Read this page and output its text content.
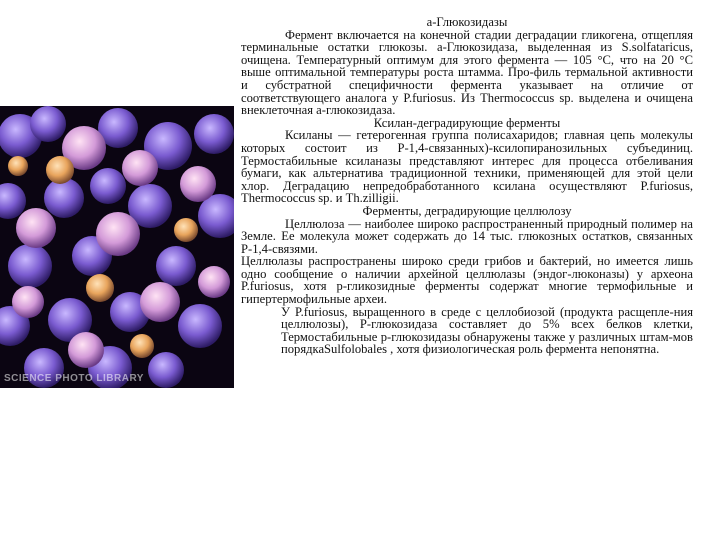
SCIENCE PHOTO LIBRARY

а-Глюкозидазы

Фермент включается на конечной стадии деградации гликогена, отщепляя терминальные остатки глюкозы. а-Глюкозидаза, выделенная из S.solfataricus, очищена. Температурный оптимум для этого фермента — 105 °С, что на 20 °С выше оптимальной температуры роста штамма. Про-филь термальной активности и субстратной специфичности фермента указывает на отличие от соответствующего аналога у P.furiosus. Из Thermococcus sp. выделена и очищена внеклеточная а-глюкозидаза.

Ксилан-деградирующие ферменты

Ксиланы — гетерогенная группа полисахаридов; главная цепь молекулы которых состоит из Р-1,4-связанных)-ксилопиранозильных субъединиц. Термостабильные ксиланазы представляют интерес для процесса отбеливания бумаги, как альтернатива традиционной техники, применяющей для этой цели хлор. Деградацию непредобработанного ксилана осуществляют P.furiosus, Thermococcus sp. и Th.zilligii.

Ферменты, деградирующие целлюлозу

Целлюлоза — наиболее широко распространенный природный полимер на Земле. Ее молекула может содержать до 14 тыс. глюкозных остатков, связанных Р-1,4-связями.

Целлюлазы распространены широко среди грибов и бактерий, но имеется лишь одно сообщение о наличии архейной целлюлазы (эндог-люконазы) у археона P.furiosus, хотя р-гликозидные ферменты содержат многие термофильные и гипертермофильные археи.

У P.furiosus, выращенного в среде с целлобиозой (продукта расщепле-ния целлюлозы), Р-глюкозидаза составляет до 5% всех белков клетки, Термостабильные р-глюкозидазы обнаружены также у различных штам-мов порядкаSulfolobales , хотя физиологическая роль фермента непонятна.
